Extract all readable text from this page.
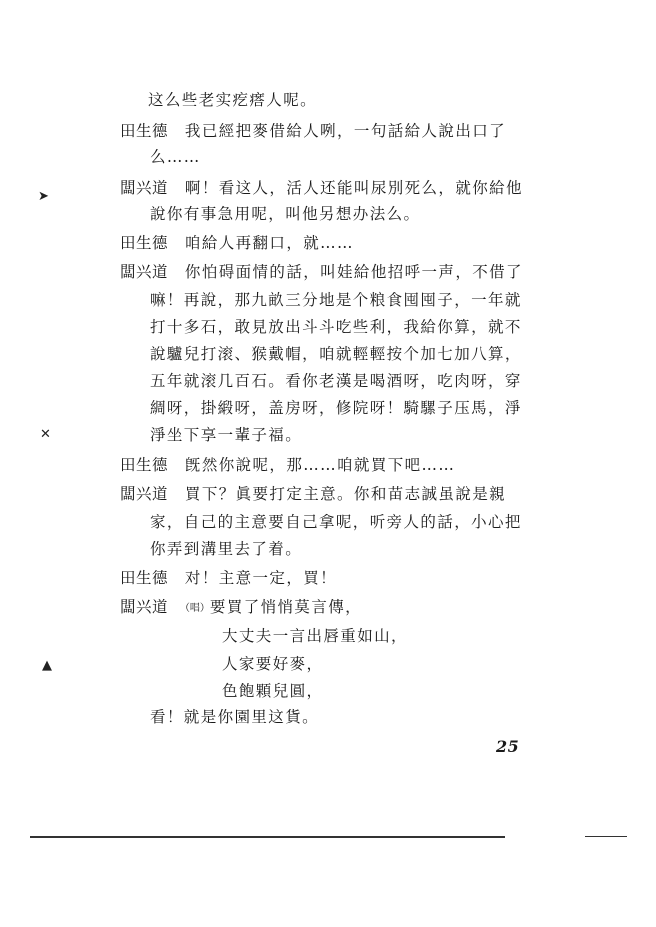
这么些老实疙瘩人呢。
田生德　 我已經把麥借給人咧，一句話給人說出口了
么……
闆兴道　 啊！看这人，活人还能叫尿別死么，就你給他
說你有事急用呢，叫他另想办法么。
田生德　 咱給人再翻口，就……
闆兴道　 你怕碍面情的話，叫娃給他招呼一声，不借了
嘛！再說，那九畝三分地是个粮食囤囤子，一年就
打十多石，敢見放出斗斗吃些利，我給你算，就不
說驢兒打滚、猴戴帽，咱就輕輕按个加七加八算，
五年就滚几百石。看你老漢是喝酒呀，吃肉呀，穿
綢呀，掛緞呀，盖房呀，修院呀！騎騾子压馬，淨
淨坐下享一輩子福。
田生德　 旣然你說呢，那……咱就買下吧……
闆兴道　 買下？眞要打定主意。你和苗志誠虽說是親
家，自己的主意要自己拿呢，听旁人的話，小心把
你弄到溝里去了着。
田生德　 对！主意一定，買！
闆兴道　 （唱）要買了悄悄莫言傳，
大丈夫一言出唇重如山，
人家要好麥，
色飽顆兒圓，
看！就是你園里这貨。
25
➤
✕
▲
